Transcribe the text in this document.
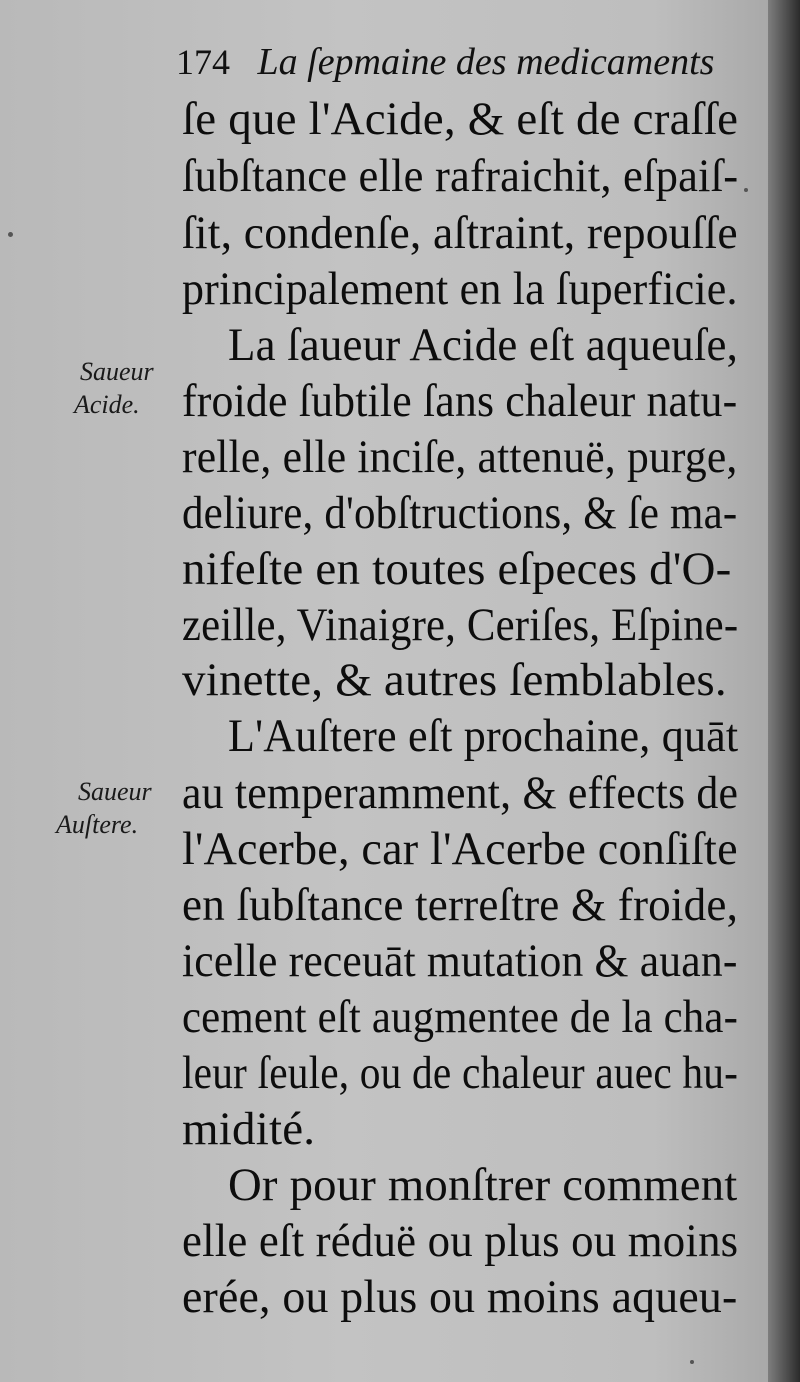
174 La ſepmaine des medicaments
Saueur
Acide.
Saueur
Auſtere.
ſe que l'Acide, & eſt de craſſe
ſubſtance elle rafraichit, eſpaiſ-
ſit, condenſe, aſtraint, repouſſe
principalement en la ſuperficie.
La ſaueur Acide eſt aqueuſe,
froide ſubtile ſans chaleur natu-
relle, elle inciſe, attenuë, purge,
deliure, d'obſtructions, & ſe ma-
nifeſte en toutes eſpeces d'O-
zeille, Vinaigre, Ceriſes, Eſpine-
vinette, & autres ſemblables.
L'Auſtere eſt prochaine, quāt
au temperamment, & effects de
l'Acerbe, car l'Acerbe conſiſte
en ſubſtance terreſtre & froide,
icelle receuāt mutation & auan-
cement eſt augmentee de la cha-
leur ſeule, ou de chaleur auec hu-
midité.
Or pour monſtrer comment
elle eſt réduë ou plus ou moins
erée, ou plus ou moins aqueu-
